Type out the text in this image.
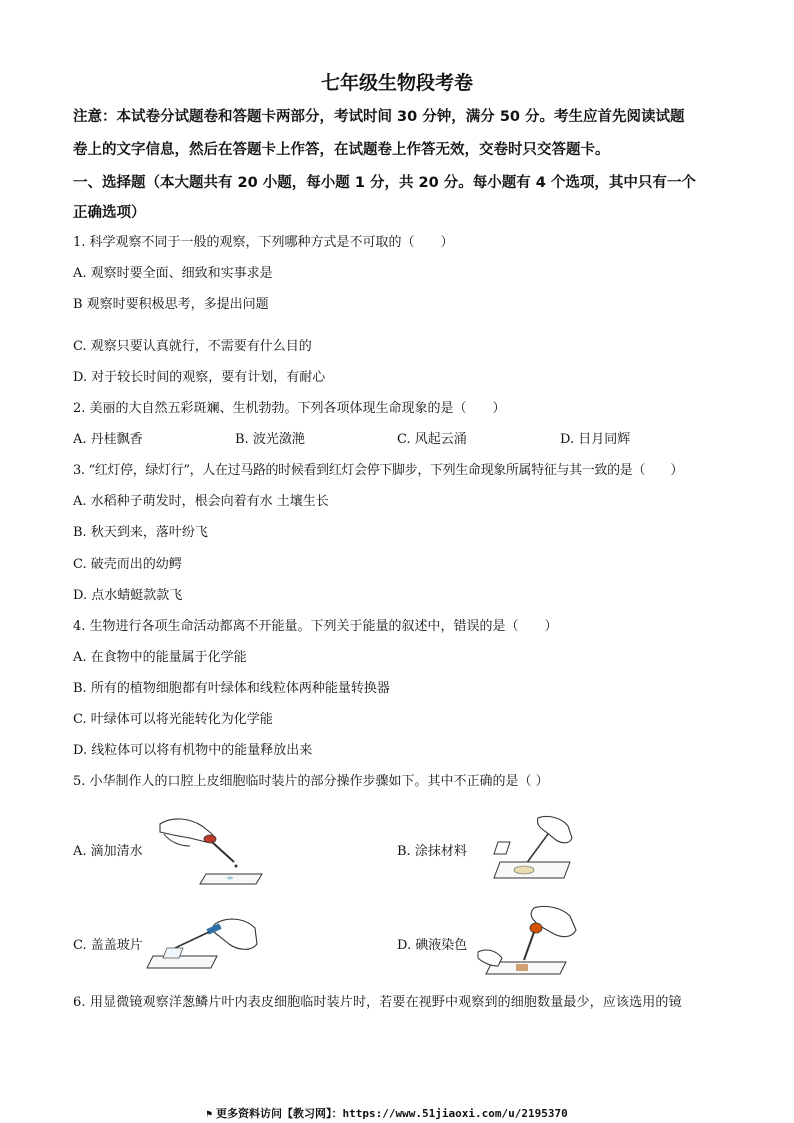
七年级生物段考卷
注意：本试卷分试题卷和答题卡两部分，考试时间 30 分钟，满分 50 分。考生应首先阅读试题
卷上的文字信息，然后在答题卡上作答，在试题卷上作答无效，交卷时只交答题卡。
一、选择题（本大题共有 20 小题，每小题 1 分，共 20 分。每小题有 4 个选项，其中只有一个
正确选项）
1. 科学观察不同于一般的观察，下列哪种方式是不可取的（　　）
A. 观察时要全面、细致和实事求是
B 观察时要积极思考，多提出问题
C. 观察只要认真就行，不需要有什么目的
D. 对于较长时间的观察，要有计划，有耐心
2. 美丽的大自然五彩斑斓、生机勃勃。下列各项体现生命现象的是（　　）
A. 丹桂飘香	B. 波光潋滟	C. 风起云涌	D. 日月同辉
3. “红灯停，绿灯行”，人在过马路的时候看到红灯会停下脚步，下列生命现象所属特征与其一致的是（　　）
A. 水稻种子萌发时，根会向着有水 土壤生长
B. 秋天到来，落叶纷飞
C. 破壳而出的幼鳄
D. 点水蜻蜓款款飞
4. 生物进行各项生命活动都离不开能量。下列关于能量的叙述中，错误的是（　　）
A. 在食物中的能量属于化学能
B. 所有的植物细胞都有叶绿体和线粒体两种能量转换器
C. 叶绿体可以将光能转化为化学能
D. 线粒体可以将有机物中的能量释放出来
5. 小华制作人的口腔上皮细胞临时装片的部分操作步骤如下。其中不正确的是（ ）
A. 滴加清水	B. 涂抹材料
C. 盖盖玻片	D. 碘液染色
6. 用显微镜观察洋葱鳞片叶内表皮细胞临时装片时，若要在视野中观察到的细胞数量最少，应该选用的镜
⚑ 更多资料访问【教习网】：https://www.51jiaoxi.com/u/2195370
